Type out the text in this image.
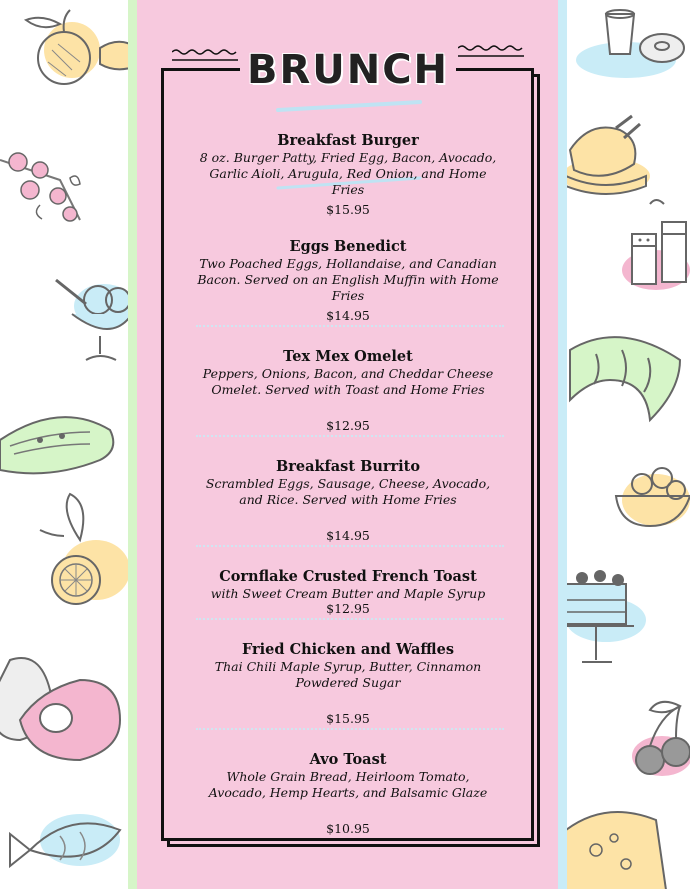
BRUNCH
Breakfast Burger
8 oz. Burger Patty, Fried Egg, Bacon, Avocado, Garlic Aioli, Arugula, Red Onion, and Home Fries
$15.95
Eggs Benedict
Two Poached Eggs, Hollandaise, and Canadian Bacon. Served on an English Muffin with Home Fries
$14.95
Tex Mex Omelet
Peppers, Onions, Bacon, and Cheddar Cheese Omelet. Served with Toast and Home Fries
$12.95
Breakfast Burrito
Scrambled Eggs, Sausage, Cheese, Avocado, and Rice. Served with Home Fries
$14.95
Cornflake Crusted French Toast
with Sweet Cream Butter and Maple Syrup
$12.95
Fried Chicken and Waffles
Thai Chili Maple Syrup, Butter, Cinnamon Powdered Sugar
$15.95
Avo Toast
Whole Grain Bread, Heirloom Tomato, Avocado, Hemp Hearts, and Balsamic Glaze
$10.95
